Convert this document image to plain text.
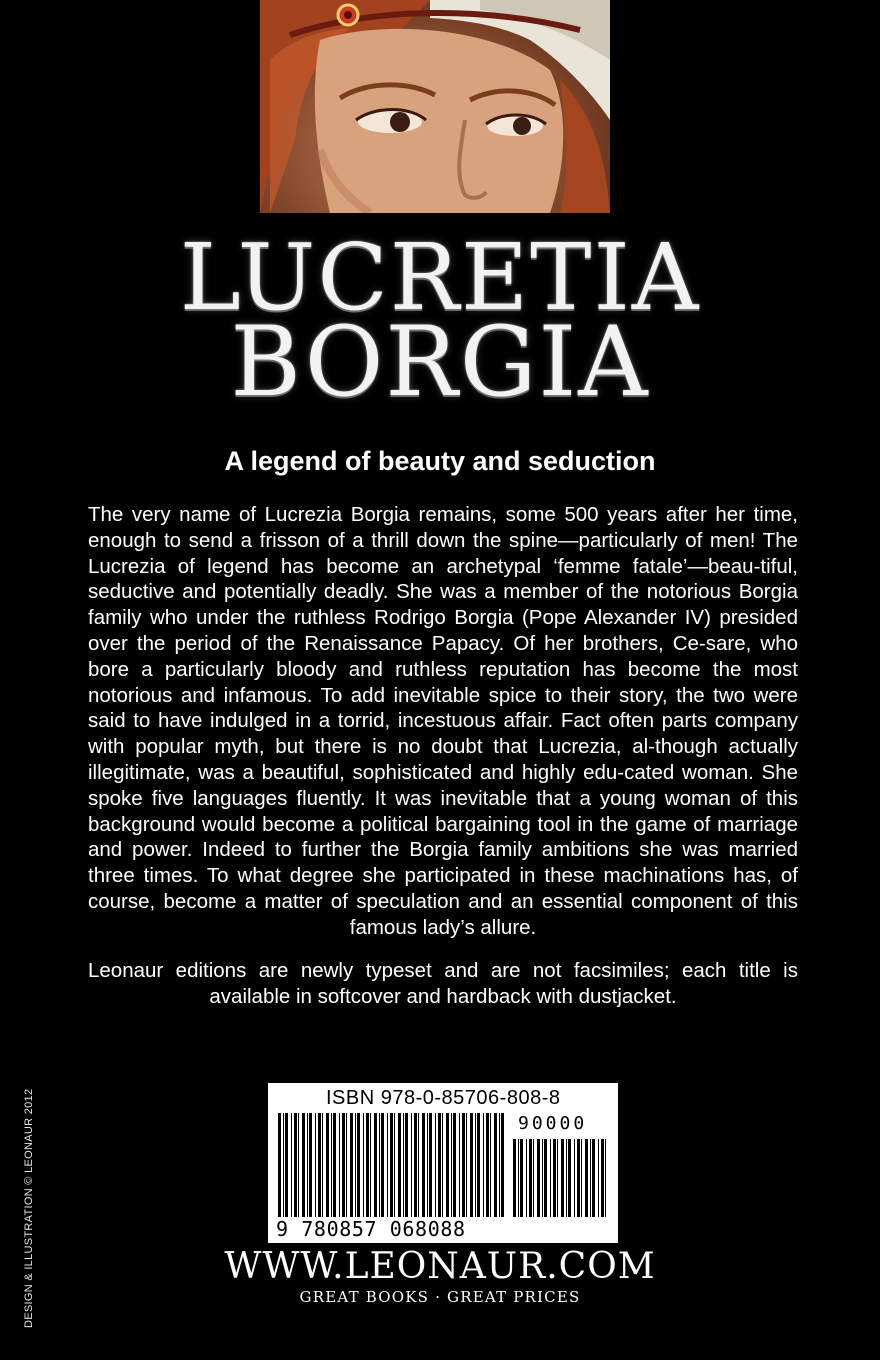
LUCRETIA
BORGIA
A legend of beauty and seduction

The very name of Lucrezia Borgia remains, some 500 years after her time, enough to send a frisson of a thrill down the spine—particularly of men! The Lucrezia of legend has become an archetypal ‘femme fatale’—beau-tiful, seductive and potentially deadly. She was a member of the notorious Borgia family who under the ruthless Rodrigo Borgia (Pope Alexander IV) presided over the period of the Renaissance Papacy. Of her brothers, Ce-sare, who bore a particularly bloody and ruthless reputation has become the most notorious and infamous. To add inevitable spice to their story, the two were said to have indulged in a torrid, incestuous affair. Fact often parts company with popular myth, but there is no doubt that Lucrezia, al-though actually illegitimate, was a beautiful, sophisticated and highly edu-cated woman. She spoke five languages fluently. It was inevitable that a young woman of this background would become a political bargaining tool in the game of marriage and power. Indeed to further the Borgia family ambitions she was married three times. To what degree she participated in these machinations has, of course, become a matter of speculation and an essential component of this famous lady’s allure.

Leonaur editions are newly typeset and are not facsimiles; each title is available in softcover and hardback with dustjacket.

DESIGN & ILLUSTRATION © LEONAUR 2012	ISBN 978-0-85706-808-8
90000
9 780857 068088
WWW.LEONAUR.COM
GREAT BOOKS · GREAT PRICES
